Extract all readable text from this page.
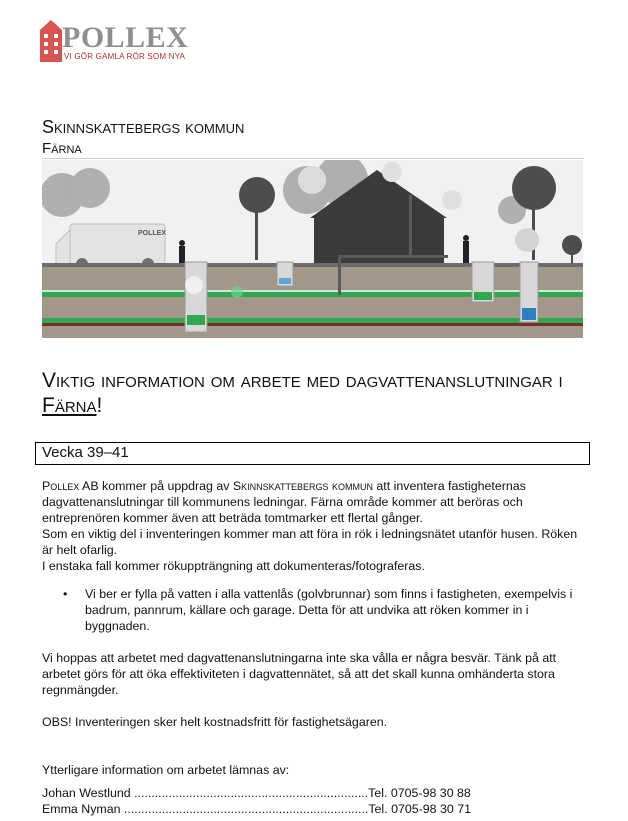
POLLEX
VI GÖR GAMLA RÖR SOM NYA
Skinnskattebergs kommun
Färna
POLLEX
Viktig information om arbete med dagvattenanslutningar i Färna!
Vecka 39–41

Pollex AB kommer på uppdrag av Skinnskattebergs kommun att inventera fastigheternas dagvattenanslutningar till kommunens ledningar. Färna område kommer att beröras och entreprenören kommer även att beträda tomtmarker ett flertal gånger.

Som en viktig del i inventeringen kommer man att föra in rök i ledningsnätet utanför husen. Röken är helt ofarlig.

I enstaka fall kommer rökuppträngning att dokumenteras/fotograferas.

• Vi ber er fylla på vatten i alla vattenlås (golvbrunnar) som finns i fastigheten, exempelvis i badrum, pannrum, källare och garage. Detta för att undvika att röken kommer in i byggnaden.

Vi hoppas att arbetet med dagvattenanslutningarna inte ska vålla er några besvär. Tänk på att arbetet görs för att öka effektiviteten i dagvattennätet, så att det skall kunna omhänderta stora regnmängder.

OBS! Inventeringen sker helt kostnadsfritt för fastighetsägaren.

Ytterligare information om arbetet lämnas av:

Johan Westlund ....................................................................Tel. 0705-98 30 88

Emma Nyman .......................................................................Tel. 0705-98 30 71
